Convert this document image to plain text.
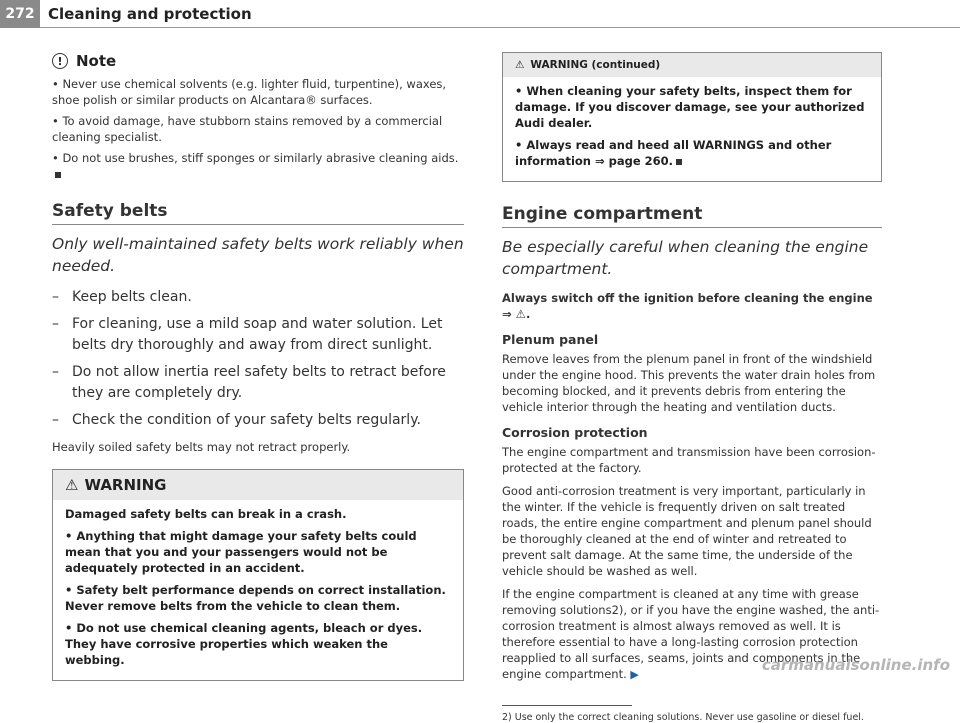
272 Cleaning and protection
! Note

• Never use chemical solvents (e.g. lighter fluid, turpentine), waxes, shoe polish or similar products on Alcantara® surfaces.

• To avoid damage, have stubborn stains removed by a commercial cleaning specialist.

• Do not use brushes, stiff sponges or similarly abrasive cleaning aids.

Safety belts

Only well-maintained safety belts work reliably when needed.

– Keep belts clean.
– For cleaning, use a mild soap and water solution. Let belts dry thoroughly and away from direct sunlight.
– Do not allow inertia reel safety belts to retract before they are completely dry.
– Check the condition of your safety belts regularly.

Heavily soiled safety belts may not retract properly.

⚠ WARNING

Damaged safety belts can break in a crash.

• Anything that might damage your safety belts could mean that you and your passengers would not be adequately protected in an accident.

• Safety belt performance depends on correct installation. Never remove belts from the vehicle to clean them.

• Do not use chemical cleaning agents, bleach or dyes. They have corrosive properties which weaken the webbing.

⚠ WARNING (continued)

• When cleaning your safety belts, inspect them for damage. If you discover damage, see your authorized Audi dealer.

• Always read and heed all WARNINGS and other information ⇒ page 260.

Engine compartment

Be especially careful when cleaning the engine compartment.

Always switch off the ignition before cleaning the engine ⇒ ⚠.

Plenum panel

Remove leaves from the plenum panel in front of the windshield under the engine hood. This prevents the water drain holes from becoming blocked, and it prevents debris from entering the vehicle interior through the heating and ventilation ducts.

Corrosion protection

The engine compartment and transmission have been corrosion-protected at the factory.

Good anti-corrosion treatment is very important, particularly in the winter. If the vehicle is frequently driven on salt treated roads, the entire engine compartment and plenum panel should be thoroughly cleaned at the end of winter and retreated to prevent salt damage. At the same time, the underside of the vehicle should be washed as well.

If the engine compartment is cleaned at any time with grease removing solutions2), or if you have the engine washed, the anti-corrosion treatment is almost always removed as well. It is therefore essential to have a long-lasting corrosion protection reapplied to all surfaces, seams, joints and components in the engine compartment. ▶

2) Use only the correct cleaning solutions. Never use gasoline or diesel fuel.
carmanualsonline.info
